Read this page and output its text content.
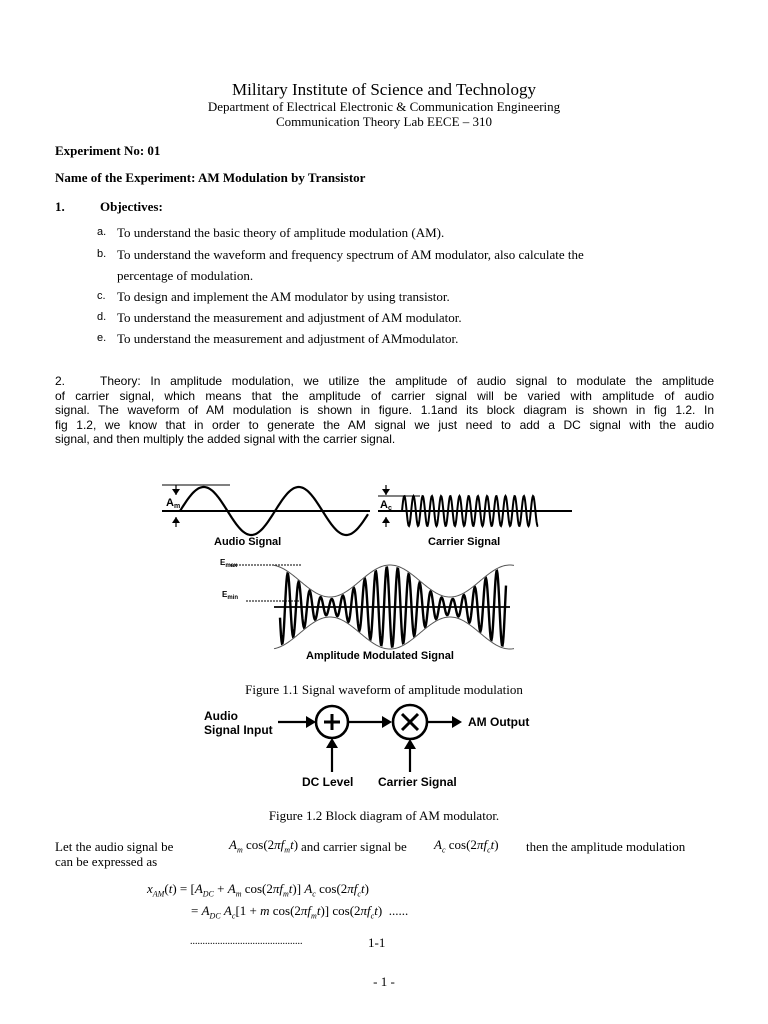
Military Institute of Science and Technology
Department of Electrical Electronic & Communication Engineering
Communication Theory Lab EECE – 310
Experiment No: 01
Name of the Experiment: AM Modulation by Transistor
1.	Objectives:
a. To understand the basic theory of amplitude modulation (AM).
b. To understand the waveform and frequency spectrum of AM modulator, also calculate the
percentage of modulation.
c. To design and implement the AM modulator by using transistor.
d. To understand the measurement and adjustment of AM modulator.
e. To understand the measurement and adjustment of AMmodulator.
2.	Theory: In amplitude modulation, we utilize the amplitude of audio signal to modulate the amplitude
of carrier signal, which means that the amplitude of carrier signal will be varied with amplitude of audio
signal. The waveform of AM modulation is shown in figure. 1.1and its block diagram is shown in fig 1.2. In
fig 1.2, we know that in order to generate the AM signal we just need to add a DC signal with the audio
signal, and then multiply the added signal with the carrier signal.
Am
Audio Signal
Ac
Carrier Signal
$E_{max}$
$E_{min}$
Amplitude Modulated Signal
Figure 1.1 Signal waveform of amplitude modulation
Audio
Signal Input
AM Output
DC Level Carrier Signal
Figure 1.2 Block diagram of AM modulator.
Let the audio signal be	$A_m$ $\cos(2\pi f_mt)$ and carrier signal be $A_c$ $\cos(2\pi f_ct)$ then the amplitude modulation
can be expressed as
$x_{AM}(t) = [A_{DC} + A_m$ $\cos(2\pi f_mt)$] $A_c$ $\cos(2\pi f_ct)$
= $A_{DC}$ $A_c[1 + m$ $\cos(2\pi f_mt)$] $\cos(2\pi f_ct)$  ......
.............................................	1-1
- 1 -
